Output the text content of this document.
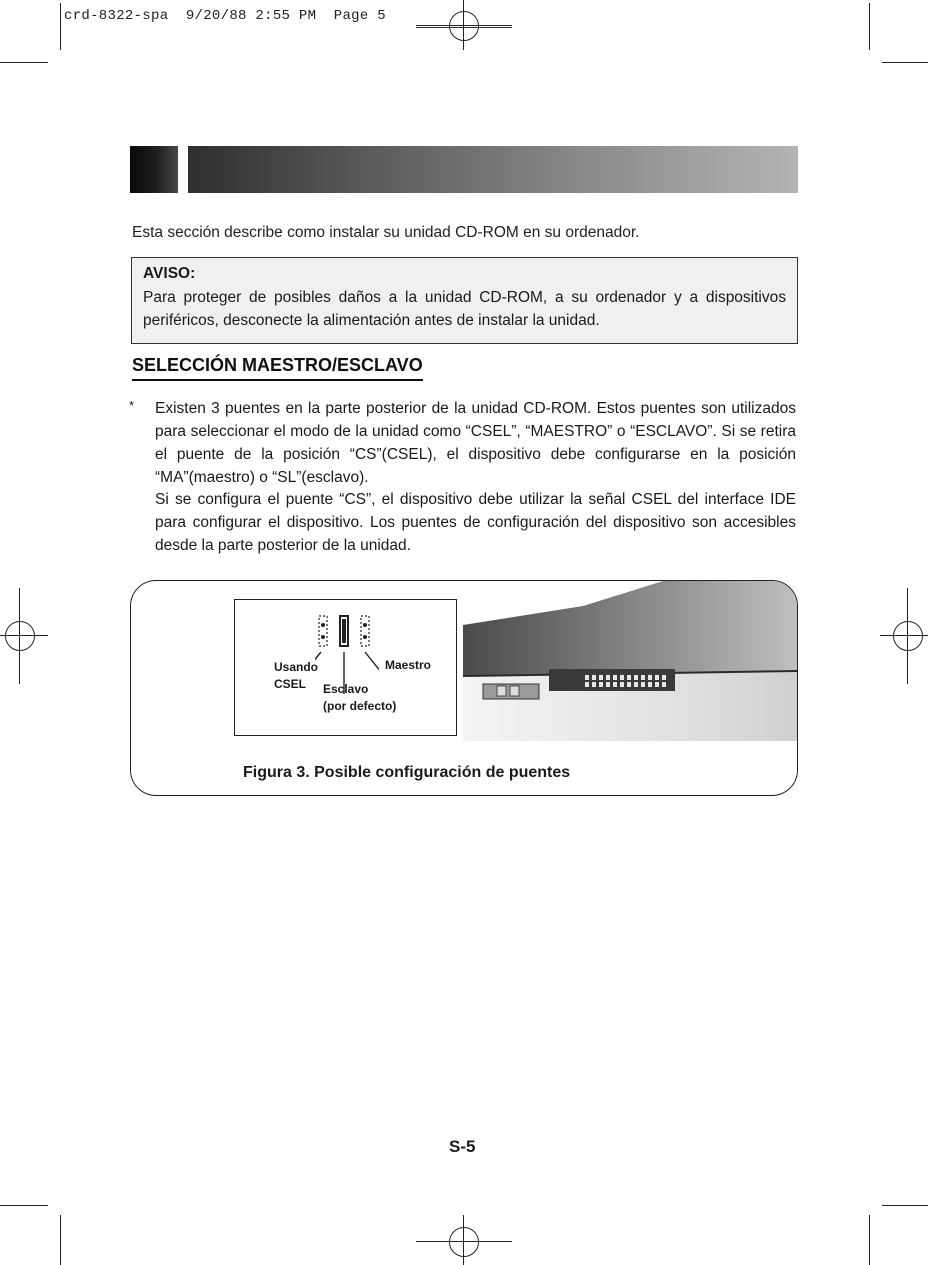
crd-8322-spa  9/20/88 2:55 PM  Page 5
Esta sección describe como instalar su unidad CD-ROM en su ordenador.
AVISO:
Para proteger de posibles daños a la unidad CD-ROM, a su ordenador y a dispositivos periféricos, desconecte la alimentación antes de instalar la unidad.
SELECCIÓN MAESTRO/ESCLAVO
* Existen 3 puentes en la parte posterior de la unidad CD-ROM. Estos puentes son utilizados para seleccionar el modo de la unidad como “CSEL”, “MAESTRO” o “ESCLAVO”. Si se retira el puente de la posición “CS”(CSEL), el dispositivo debe configurarse en la posición “MA”(maestro) o “SL”(esclavo).
Si se configura el puente “CS”, el dispositivo debe utilizar la señal CSEL del interface IDE para configurar el dispositivo. Los puentes de configuración del dispositivo son accesibles desde la parte posterior de la unidad.
Usando
CSEL Esclavo
(por defecto)
Maestro
Figura 3. Posible configuración de puentes
S-5
